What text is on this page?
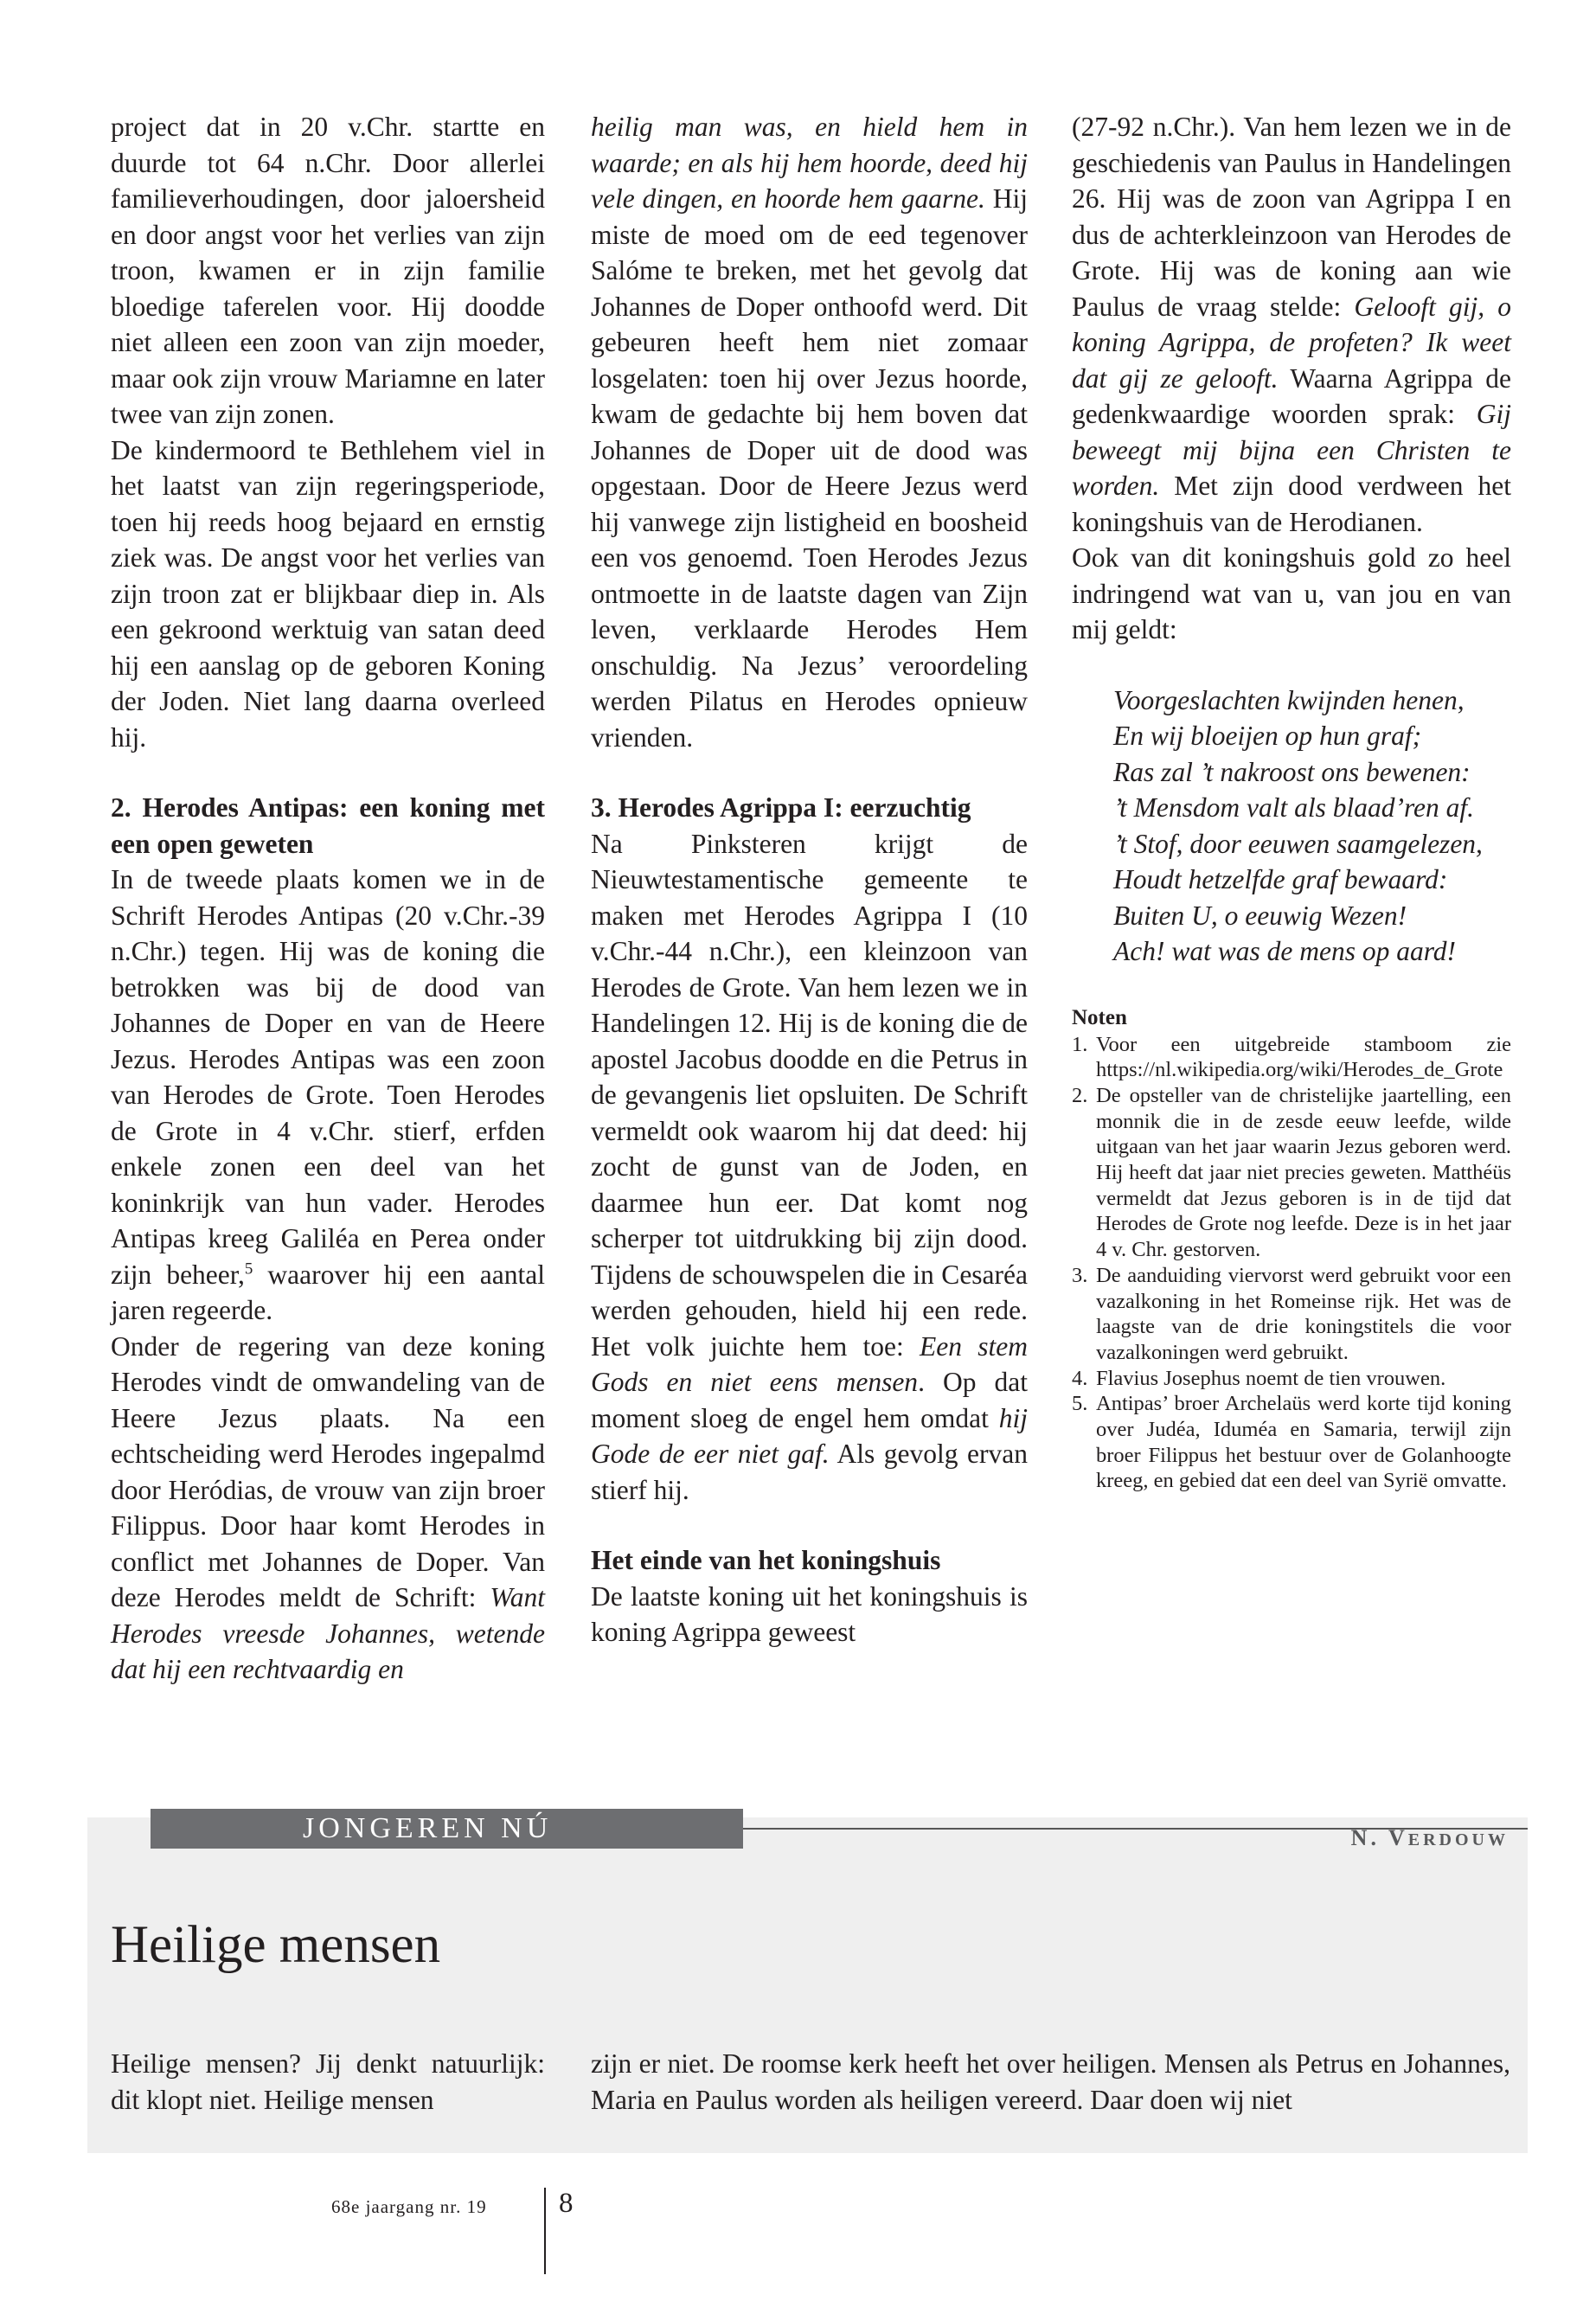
project dat in 20 v.Chr. startte en duurde tot 64 n.Chr. Door allerlei familieverhoudingen, door jaloersheid en door angst voor het verlies van zijn troon, kwamen er in zijn familie bloedige taferelen voor. Hij doodde niet alleen een zoon van zijn moeder, maar ook zijn vrouw Mariamne en later twee van zijn zonen.

De kindermoord te Bethlehem viel in het laatst van zijn regeringsperiode, toen hij reeds hoog bejaard en ernstig ziek was. De angst voor het verlies van zijn troon zat er blijkbaar diep in. Als een gekroond werktuig van satan deed hij een aanslag op de geboren Koning der Joden. Niet lang daarna overleed hij.

2. Herodes Antipas: een koning met een open geweten

In de tweede plaats komen we in de Schrift Herodes Antipas (20 v.Chr.-39 n.Chr.) tegen. Hij was de koning die betrokken was bij de dood van Johannes de Doper en van de Heere Jezus. Herodes Antipas was een zoon van Herodes de Grote. Toen Herodes de Grote in 4 v.Chr. stierf, erfden enkele zonen een deel van het koninkrijk van hun vader. Herodes Antipas kreeg Galiléa en Perea onder zijn beheer,$^5$ waarover hij een aantal jaren regeerde.

Onder de regering van deze koning Herodes vindt de omwandeling van de Heere Jezus plaats. Na een echtscheiding werd Herodes ingepalmd door Heródias, de vrouw van zijn broer Filippus. Door haar komt Herodes in conflict met Johannes de Doper. Van deze Herodes meldt de Schrift: Want Herodes vreesde Johannes, wetende dat hij een rechtvaardig en

heilig man was, en hield hem in waarde; en als hij hem hoorde, deed hij vele dingen, en hoorde hem gaarne. Hij miste de moed om de eed tegenover Salóme te breken, met het gevolg dat Johannes de Doper onthoofd werd. Dit gebeuren heeft hem niet zomaar losgelaten: toen hij over Jezus hoorde, kwam de gedachte bij hem boven dat Johannes de Doper uit de dood was opgestaan. Door de Heere Jezus werd hij vanwege zijn listigheid en boosheid een vos genoemd. Toen Herodes Jezus ontmoette in de laatste dagen van Zijn leven, verklaarde Herodes Hem onschuldig. Na Jezus’ veroordeling werden Pilatus en Herodes opnieuw vrienden.

3. Herodes Agrippa I: eerzuchtig

Na Pinksteren krijgt de Nieuwtestamentische gemeente te maken met Herodes Agrippa I (10 v.Chr.-44 n.Chr.), een kleinzoon van Herodes de Grote. Van hem lezen we in Handelingen 12. Hij is de koning die de apostel Jacobus doodde en die Petrus in de gevangenis liet opsluiten. De Schrift vermeldt ook waarom hij dat deed: hij zocht de gunst van de Joden, en daarmee hun eer. Dat komt nog scherper tot uitdrukking bij zijn dood. Tijdens de schouwspelen die in Cesaréa werden gehouden, hield hij een rede. Het volk juichte hem toe: Een stem Gods en niet eens mensen. Op dat moment sloeg de engel hem omdat hij Gode de eer niet gaf. Als gevolg ervan stierf hij.

Het einde van het koningshuis

De laatste koning uit het koningshuis is koning Agrippa geweest

(27-92 n.Chr.). Van hem lezen we in de geschiedenis van Paulus in Handelingen 26. Hij was de zoon van Agrippa I en dus de achterkleinzoon van Herodes de Grote. Hij was de koning aan wie Paulus de vraag stelde: Gelooft gij, o koning Agrippa, de profeten? Ik weet dat gij ze gelooft. Waarna Agrippa de gedenkwaardige woorden sprak: Gij beweegt mij bijna een Christen te worden. Met zijn dood verdween het koningshuis van de Herodianen.

Ook van dit koningshuis gold zo heel indringend wat van u, van jou en van mij geldt:

Voorgeslachten kwijnden henen,
En wij bloeijen op hun graf;
Ras zal ’t nakroost ons bewenen:
’t Mensdom valt als blaad’ren af.
’t Stof, door eeuwen saamgelezen,
Houdt hetzelfde graf bewaard:
Buiten U, o eeuwig Wezen!
Ach! wat was de mens op aard!

Noten

1. Voor een uitgebreide stamboom zie https://nl.wikipedia.org/wiki/Herodes_de_Grote
2. De opsteller van de christelijke jaartelling, een monnik die in de zesde eeuw leefde, wilde uitgaan van het jaar waarin Jezus geboren werd. Hij heeft dat jaar niet precies geweten. Matthéüs vermeldt dat Jezus geboren is in de tijd dat Herodes de Grote nog leefde. Deze is in het jaar 4 v. Chr. gestorven.
3. De aanduiding viervorst werd gebruikt voor een vazalkoning in het Romeinse rijk. Het was de laagste van de drie koningstitels die voor vazalkoningen werd gebruikt.
4. Flavius Josephus noemt de tien vrouwen.
5. Antipas’ broer Archelaüs werd korte tijd koning over Judéa, Iduméa en Samaria, terwijl zijn broer Filippus het bestuur over de Golanhoogte kreeg, en gebied dat een deel van Syrië omvatte.
JONGEREN NÚ	N. VERDOUW
Heilige mensen

Heilige mensen? Jij denkt natuurlijk: dit klopt niet. Heilige mensen

zijn er niet. De roomse kerk heeft het over heiligen. Mensen als Petrus en Johannes, Maria en Paulus worden als heiligen vereerd. Daar doen wij niet

68e jaargang nr. 19	8
